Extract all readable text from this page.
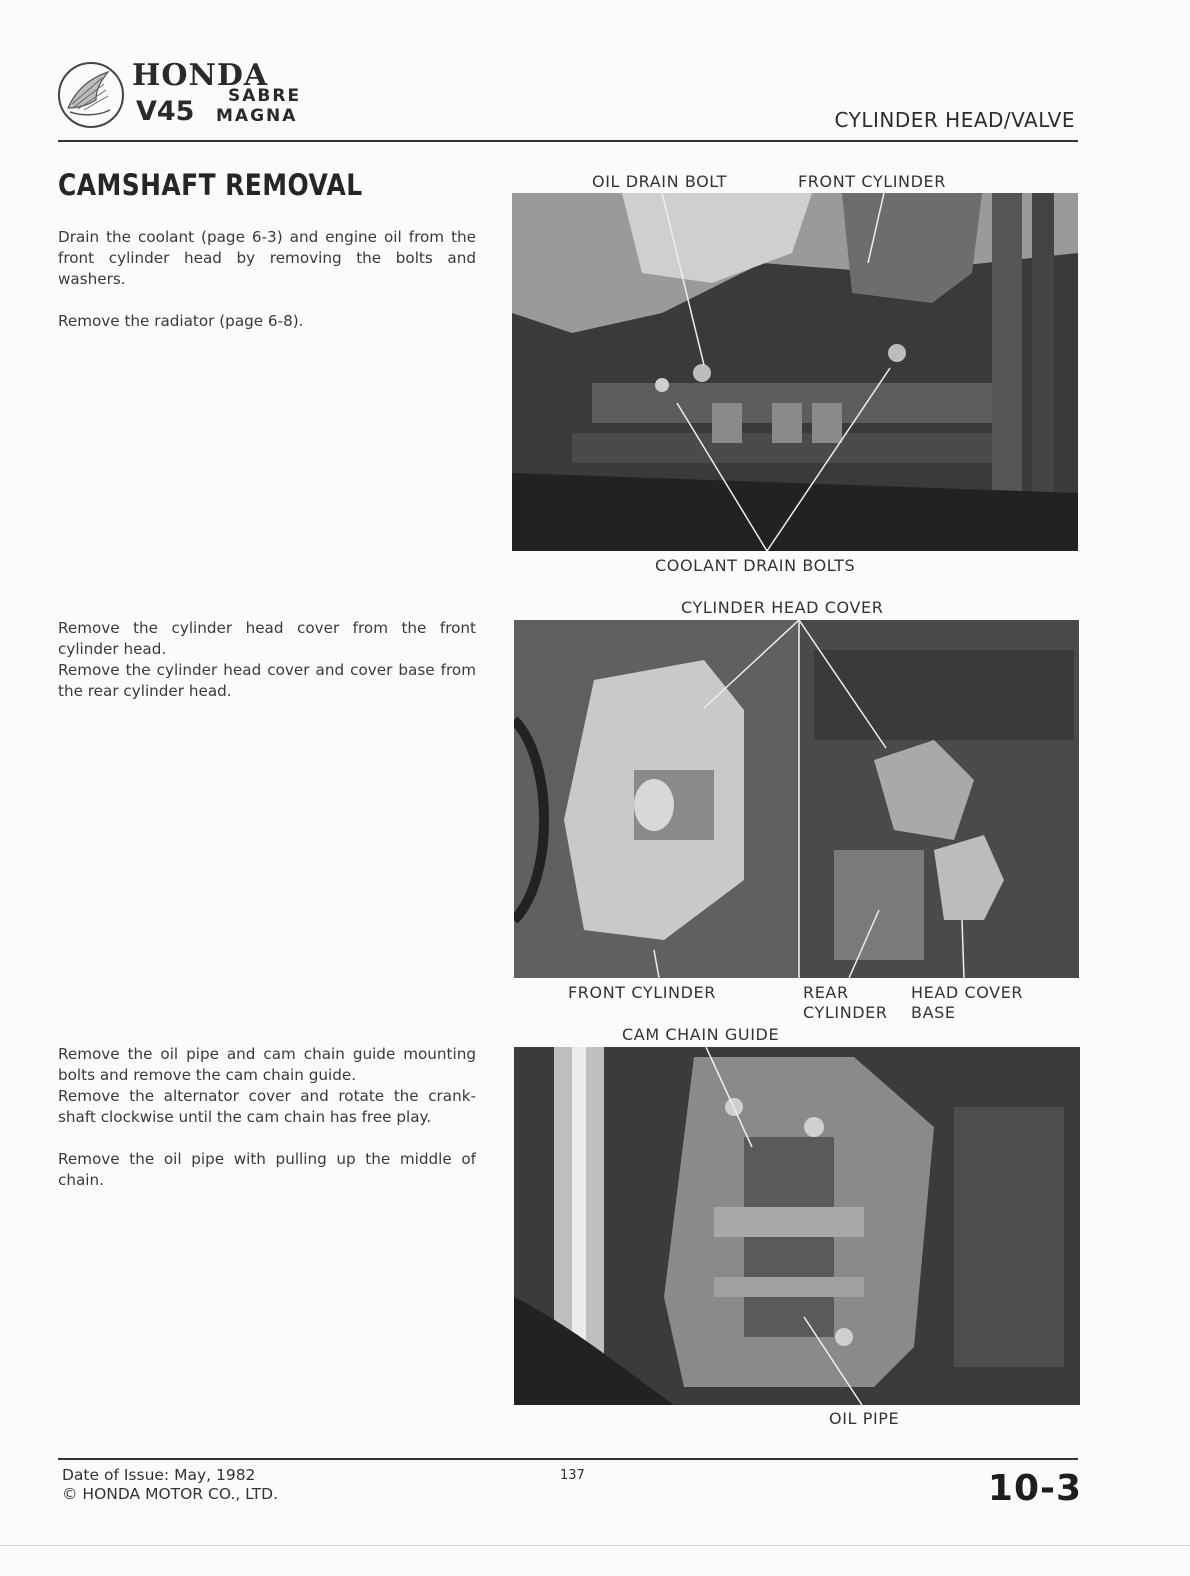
HONDA
V45 SABRE
MAGNA	CYLINDER HEAD/VALVE
CAMSHAFT REMOVAL

Drain the coolant (page 6-3) and engine oil from the front cylinder head by removing the bolts and washers.

Remove the radiator (page 6-8).

Remove the cylinder head cover from the front cylinder head.

Remove the cylinder head cover and cover base from the rear cylinder head.

Remove the oil pipe and cam chain guide mounting bolts and remove the cam chain guide.

Remove the alternator cover and rotate the crank-shaft clockwise until the cam chain has free play.

Remove the oil pipe with pulling up the middle of chain.

OIL DRAIN BOLT	FRONT CYLINDER
COOLANT DRAIN BOLTS
CYLINDER HEAD COVER
FRONT CYLINDER	REAR
CYLINDER
HEAD COVER
BASE
CAM CHAIN GUIDE
OIL PIPE
Date of Issue: May, 1982
© HONDA MOTOR CO., LTD.
137	10-3
